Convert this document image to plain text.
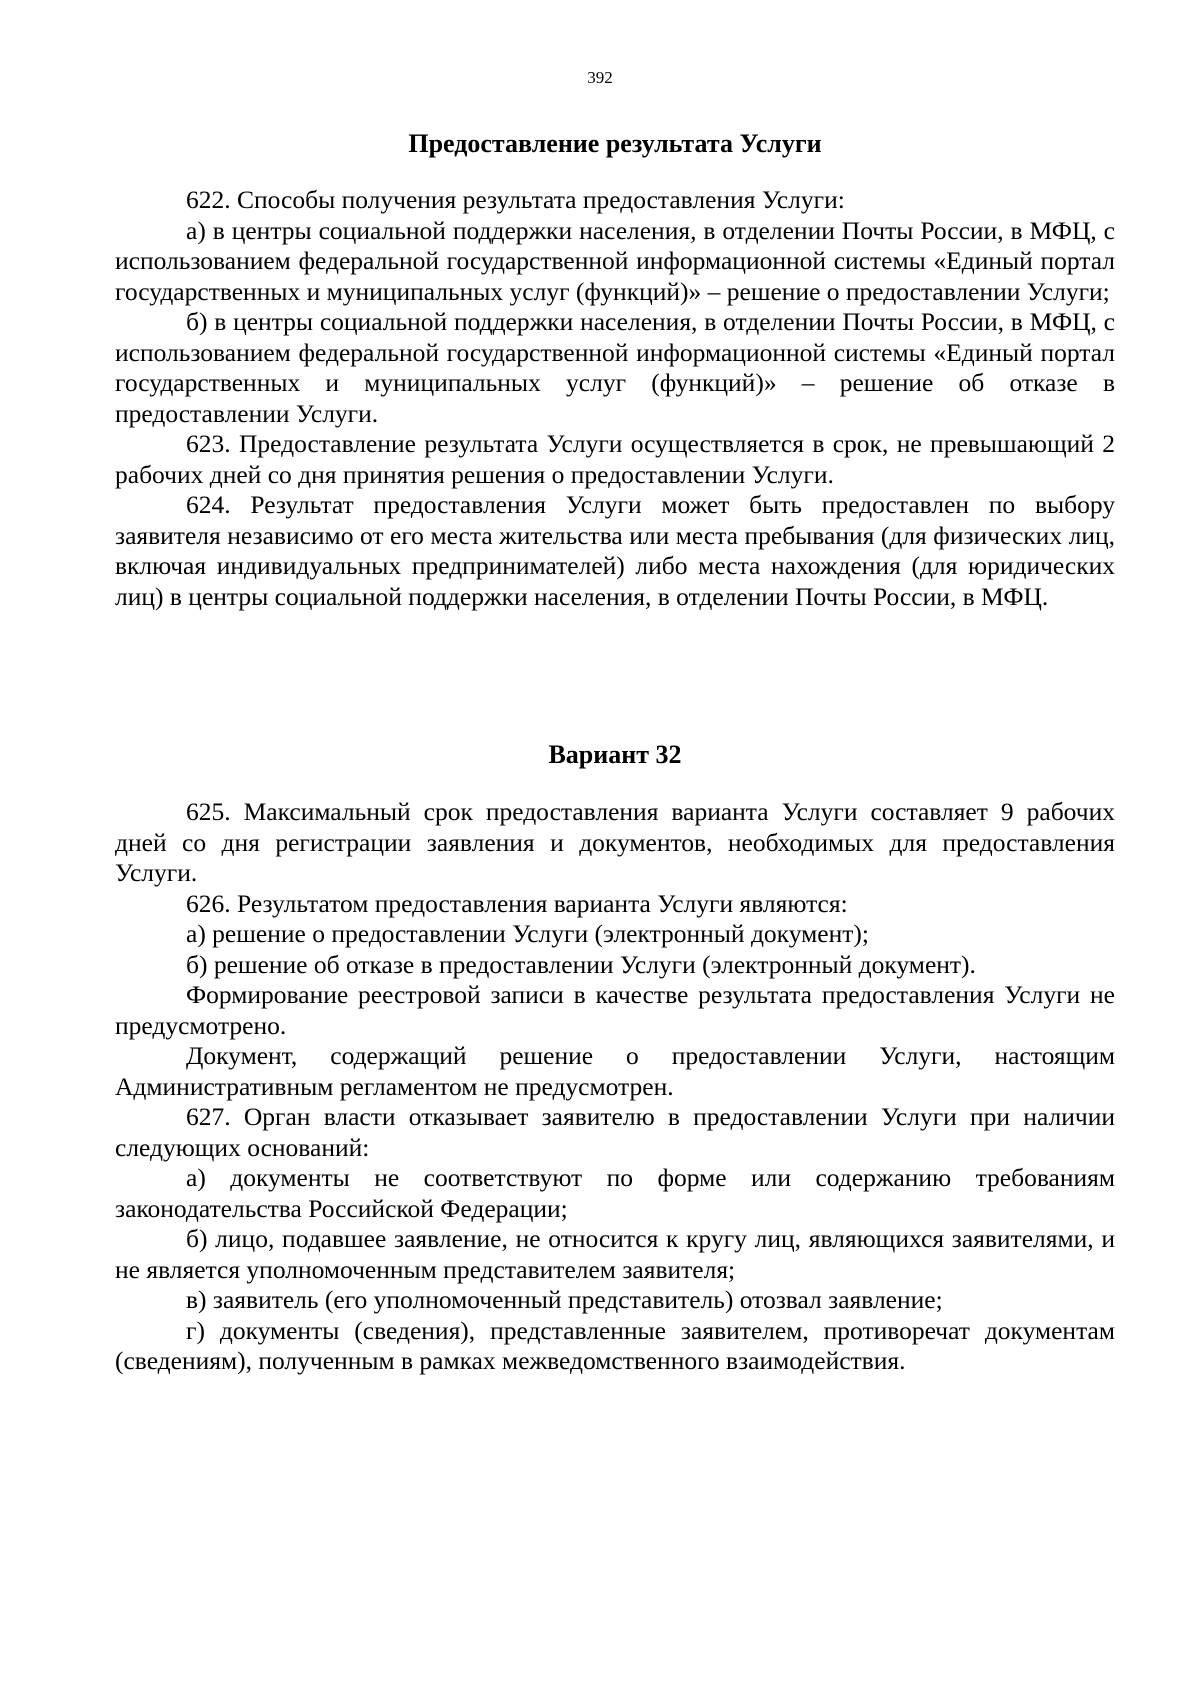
392
Предоставление результата Услуги

622. Способы получения результата предоставления Услуги:

а) в центры социальной поддержки населения, в отделении Почты России, в МФЦ, с использованием федеральной государственной информационной системы «Единый портал государственных и муниципальных услуг (функций)» – решение о предоставлении Услуги;

б) в центры социальной поддержки населения, в отделении Почты России, в МФЦ, с использованием федеральной государственной информационной системы «Единый портал государственных и муниципальных услуг (функций)» – решение об отказе в предоставлении Услуги.

623. Предоставление результата Услуги осуществляется в срок, не превышающий 2 рабочих дней со дня принятия решения о предоставлении Услуги.

624. Результат предоставления Услуги может быть предоставлен по выбору заявителя независимо от его места жительства или места пребывания (для физических лиц, включая индивидуальных предпринимателей) либо места нахождения (для юридических лиц) в центры социальной поддержки населения, в отделении Почты России, в МФЦ.

Вариант 32

625. Максимальный срок предоставления варианта Услуги составляет 9 рабочих дней со дня регистрации заявления и документов, необходимых для предоставления Услуги.

626. Результатом предоставления варианта Услуги являются:

а) решение о предоставлении Услуги (электронный документ);

б) решение об отказе в предоставлении Услуги (электронный документ).

Формирование реестровой записи в качестве результата предоставления Услуги не предусмотрено.

Документ, содержащий решение о предоставлении Услуги, настоящим Административным регламентом не предусмотрен.

627. Орган власти отказывает заявителю в предоставлении Услуги при наличии следующих оснований:

а) документы не соответствуют по форме или содержанию требованиям законодательства Российской Федерации;

б) лицо, подавшее заявление, не относится к кругу лиц, являющихся заявителями, и не является уполномоченным представителем заявителя;

в) заявитель (его уполномоченный представитель) отозвал заявление;

г) документы (сведения), представленные заявителем, противоречат документам (сведениям), полученным в рамках межведомственного взаимодействия.
